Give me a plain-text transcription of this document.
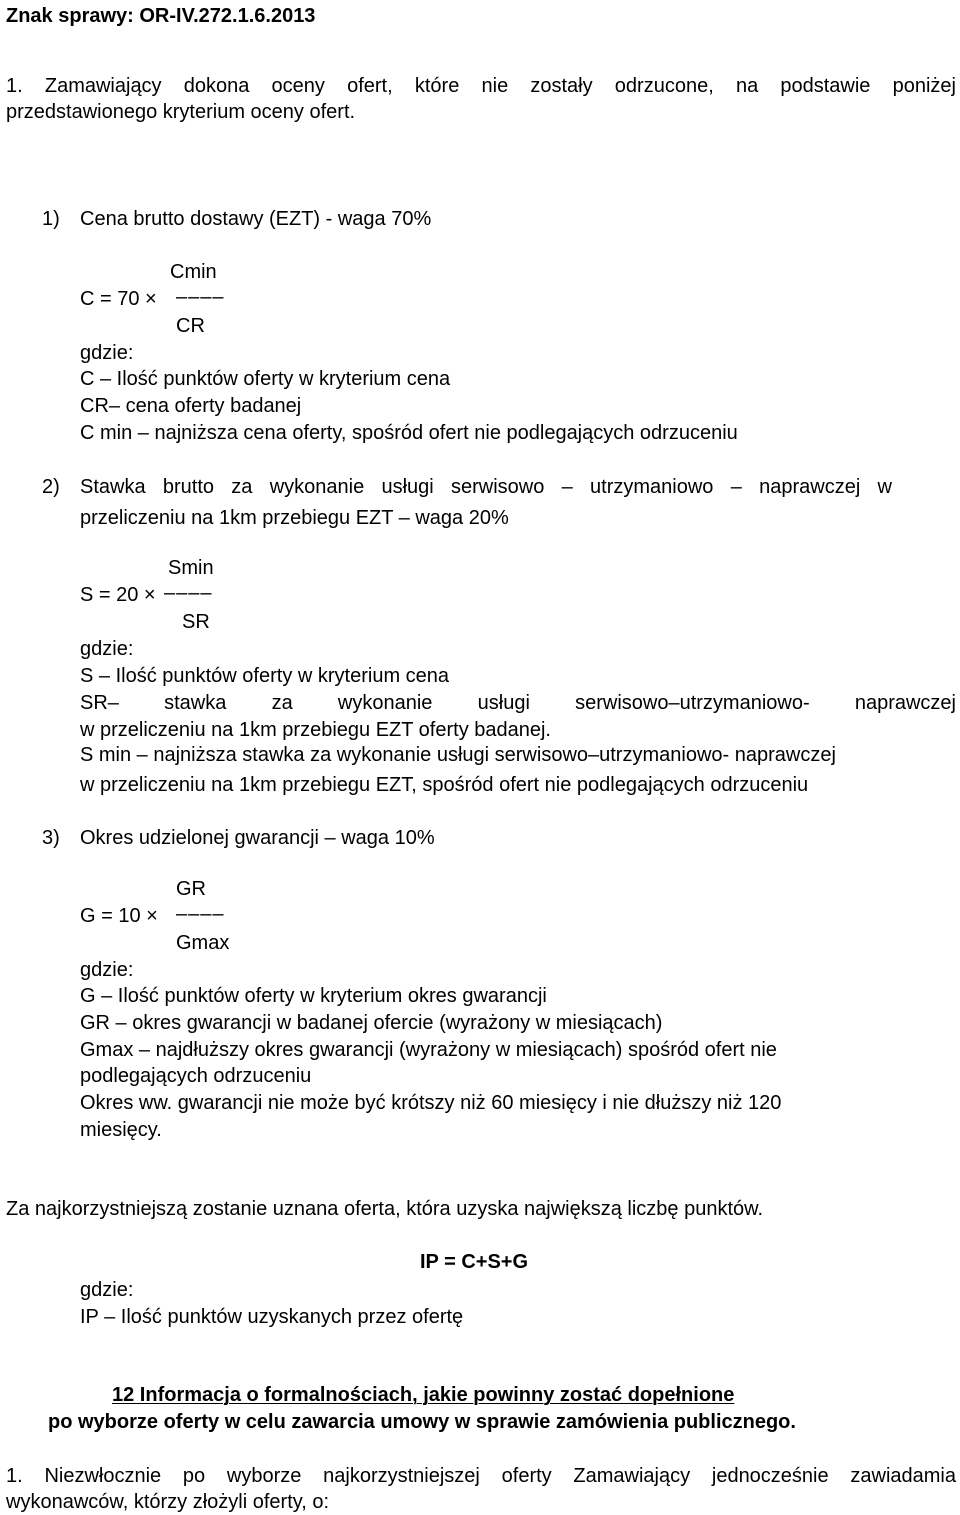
Znak sprawy: OR-IV.272.1.6.2013
1. Zamawiający dokona oceny ofert, które nie zostały odrzucone, na podstawie poniżej
przedstawionego kryterium oceny ofert.
1) Cena brutto dostawy (EZT) - waga 70%
Cmin
C = 70 × ––––
CR
gdzie:
C – Ilość punktów oferty w kryterium cena
CR– cena oferty badanej
C min – najniższa cena oferty, spośród ofert nie podlegających odrzuceniu
2) Stawka brutto za wykonanie usługi serwisowo – utrzymaniowo – naprawczej w
przeliczeniu na 1km przebiegu EZT – waga 20%
Smin
S = 20 × ––––
SR
gdzie:
S – Ilość punktów oferty w kryterium cena
SR– stawka za wykonanie usługi serwisowo–utrzymaniowo- naprawczej
w przeliczeniu na 1km przebiegu EZT oferty badanej.
S min – najniższa stawka za wykonanie usługi serwisowo–utrzymaniowo- naprawczej
w przeliczeniu na 1km przebiegu EZT, spośród ofert nie podlegających odrzuceniu
3) Okres udzielonej gwarancji – waga 10%
GR
G = 10 × ––––
Gmax
gdzie:
G – Ilość punktów oferty w kryterium okres gwarancji
GR – okres gwarancji w badanej ofercie (wyrażony w miesiącach)
Gmax – najdłuższy okres gwarancji (wyrażony w miesiącach) spośród ofert nie
podlegających odrzuceniu
Okres ww. gwarancji nie może być krótszy niż 60 miesięcy i nie dłuższy niż 120
miesięcy.
Za najkorzystniejszą zostanie uznana oferta, która uzyska największą liczbę punktów.
IP = C+S+G
gdzie:
IP – Ilość punktów uzyskanych przez ofertę
12 Informacja o formalnościach, jakie powinny zostać dopełnione
po wyborze oferty w celu zawarcia umowy w sprawie zamówienia publicznego.
1. Niezwłocznie po wyborze najkorzystniejszej oferty Zamawiający jednocześnie zawiadamia
wykonawców, którzy złożyli oferty, o:
